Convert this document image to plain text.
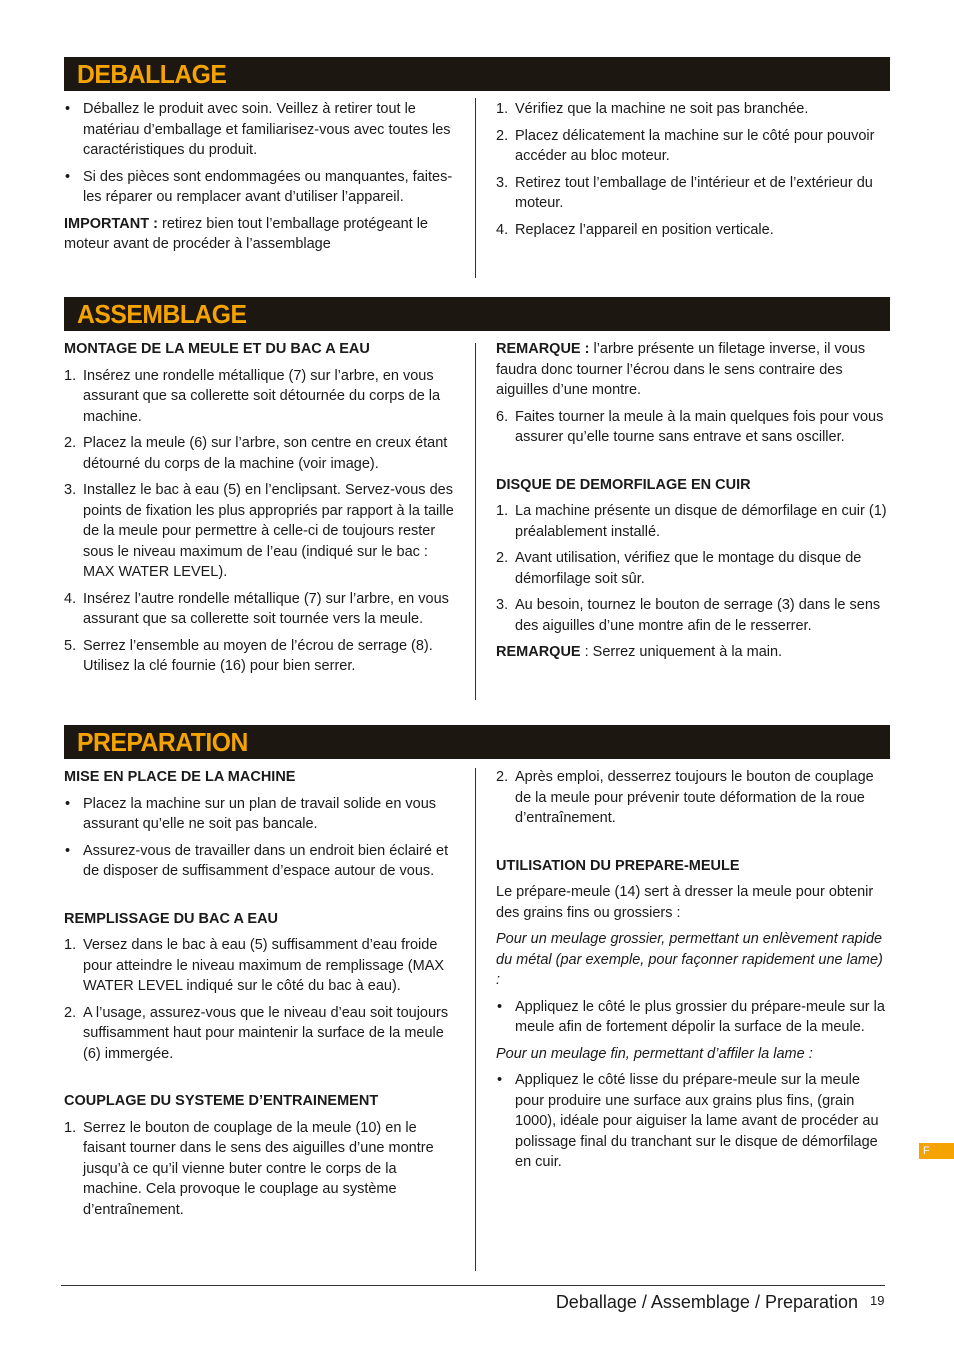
DEBALLAGE
• Déballez le produit avec soin. Veillez à retirer tout le matériau d’emballage et familiarisez-vous avec toutes les caractéristiques du produit.
• Si des pièces sont endommagées ou manquantes, faites-les réparer ou remplacer avant d’utiliser l’appareil.

IMPORTANT : retirez bien tout l’emballage protégeant le moteur avant de procéder à l’assemblage

1. Vérifiez que la machine ne soit pas branchée.
2. Placez délicatement la machine sur le côté pour pouvoir accéder au bloc moteur.
3. Retirez tout l’emballage de l’intérieur et de l’extérieur du moteur.
4. Replacez l’appareil en position verticale.
ASSEMBLAGE
MONTAGE DE LA MEULE ET DU BAC A EAU
1. Insérez une rondelle métallique (7) sur l’arbre, en vous assurant que sa collerette soit détournée du corps de la machine.
2. Placez la meule (6) sur l’arbre, son centre en creux étant détourné du corps de la machine (voir image).
3. Installez le bac à eau (5) en l’enclipsant. Servez-vous des points de fixation les plus appropriés par rapport à la taille de la meule pour permettre à celle-ci de toujours rester sous le niveau maximum de l’eau (indiqué sur le bac : MAX WATER LEVEL).
4. Insérez l’autre rondelle métallique (7) sur l’arbre, en vous assurant que sa collerette soit tournée vers la meule.
5. Serrez l’ensemble au moyen de l’écrou de serrage (8). Utilisez la clé fournie (16) pour bien serrer.

REMARQUE : l’arbre présente un filetage inverse, il vous faudra donc tourner l’écrou dans le sens contraire des aiguilles d’une montre.

6. Faites tourner la meule à la main quelques fois pour vous assurer qu’elle tourne sans entrave et sans osciller.
DISQUE DE DEMORFILAGE EN CUIR
1. La machine présente un disque de démorfilage en cuir (1) préalablement installé.
2. Avant utilisation, vérifiez que le montage du disque de démorfilage soit sûr.
3. Au besoin, tournez le bouton de serrage (3) dans le sens des aiguilles d’une montre afin de le resserrer.

REMARQUE : Serrez uniquement à la main.

PREPARATION
MISE EN PLACE DE LA MACHINE
• Placez la machine sur un plan de travail solide en vous assurant qu’elle ne soit pas bancale.
• Assurez-vous de travailler dans un endroit bien éclairé et de disposer de suffisamment d’espace autour de vous.
REMPLISSAGE DU BAC A EAU
1. Versez dans le bac à eau (5) suffisamment d’eau froide pour atteindre le niveau maximum de remplissage (MAX WATER LEVEL indiqué sur le côté du bac à eau).
2. A l’usage, assurez-vous que le niveau d’eau soit toujours suffisamment haut pour maintenir la surface de la meule (6) immergée.
COUPLAGE DU SYSTEME D’ENTRAINEMENT
1. Serrez le bouton de couplage de la meule (10) en le faisant tourner dans le sens des aiguilles d’une montre jusqu’à ce qu’il vienne buter contre le corps de la machine. Cela provoque le couplage au système d’entraînement.
2. Après emploi, desserrez toujours le bouton de couplage de la meule pour prévenir toute déformation de la roue d’entraînement.
UTILISATION DU PREPARE-MEULE

Le prépare-meule (14) sert à dresser la meule pour obtenir des grains fins ou grossiers :

Pour un meulage grossier, permettant un enlèvement rapide du métal (par exemple, pour façonner rapidement une lame) :

• Appliquez le côté le plus grossier du prépare-meule sur la meule afin de fortement dépolir la surface de la meule.

Pour un meulage fin, permettant d’affiler la lame :

• Appliquez le côté lisse du prépare-meule sur la meule pour produire une surface aux grains plus fins, (grain 1000), idéale pour aiguiser la lame avant de procéder au polissage final du tranchant sur le disque de démorfilage en cuir.
F
Deballage / Assemblage / Preparation 19
